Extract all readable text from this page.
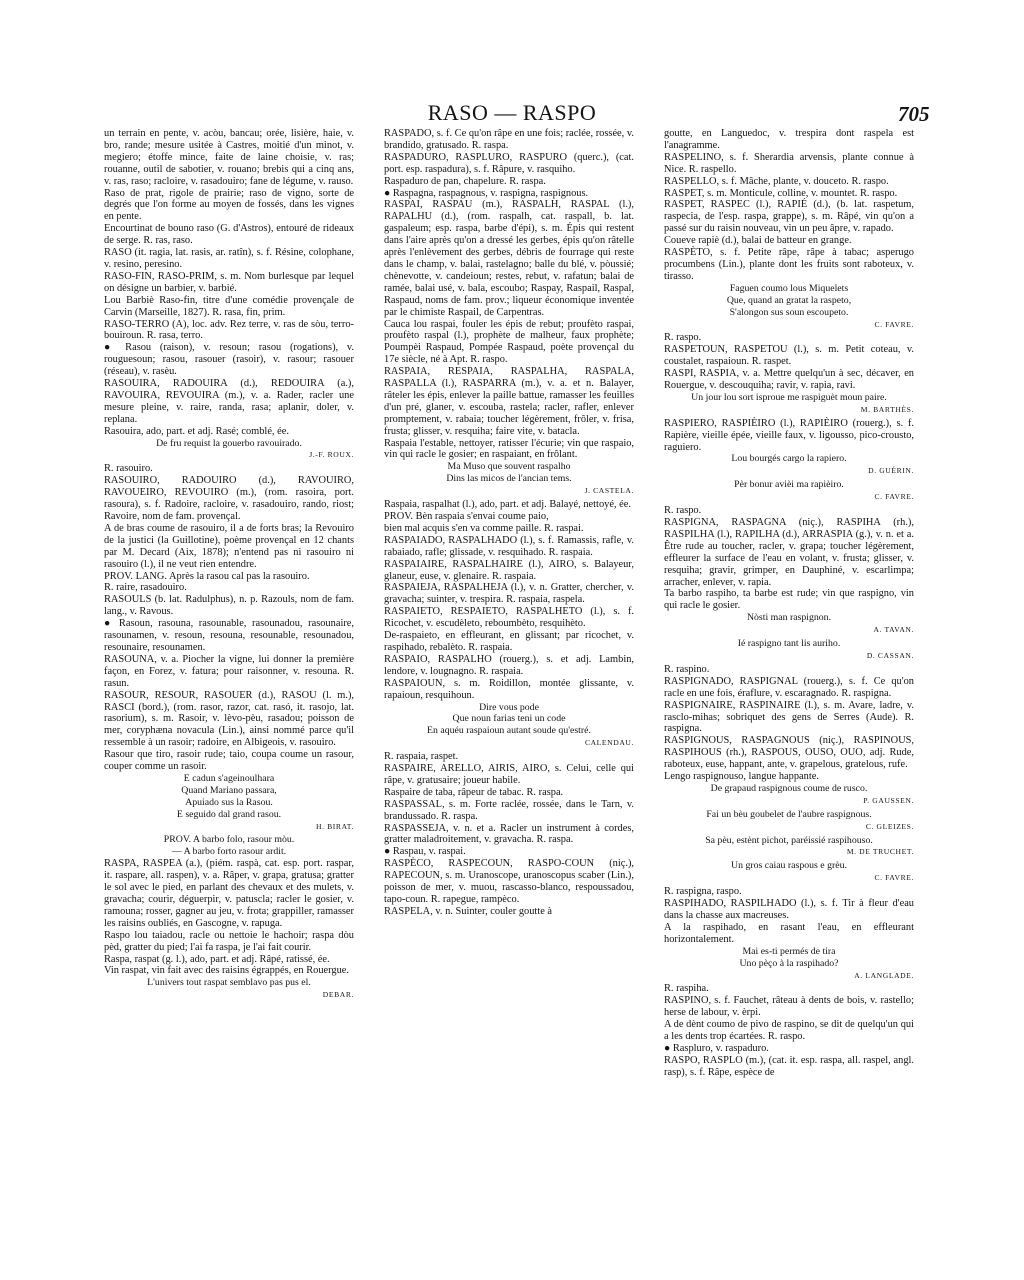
RASO — RASPO	705
un terrain en pente, v. acòu, bancau; orée, lisière, haie, v. bro, rande; mesure usitée à Castres, moitié d'un minot, v. megiero; étoffe mince, faite de laine choisie, v. ras; rouanne, outil de sabotier, v. rouano; brebis qui a cinq ans, v. ras, raso; racloire, v. rasadouiro; fane de légume, v. rauso.
Raso de prat, rigole de prairie; raso de vigno, sorte de degrés que l'on forme au moyen de fossés, dans les vignes en pente.
Encourtinat de bouno raso (G. d'Astros), entouré de rideaux de serge. R. ras, raso.
RASO (it. ragia, lat. rasis, ar. ratîn), s. f. Résine, colophane, v. resino, peresino.
RASO-FIN, RASO-PRIM, s. m. Nom burlesque par lequel on désigne un barbier, v. barbié.
Lou Barbiè Raso-fin, titre d'une comédie provençale de Carvin (Marseille, 1827). R. rasa, fin, prim.
RASO-TERRO (A), loc. adv. Rez terre, v. ras de sòu, terro-bouiroun. R. rasa, terro.
● Rasou (raison), v. resoun; rasou (rogations), v. rouguesoun; rasou, rasouer (rasoir), v. rasour; rasouer (réseau), v. rasèu.
RASOUIRA, RADOUIRA (d.), REDOUIRA (a.), RAVOUIRA, REVOUIRA (m.), v. a. Rader, racler une mesure pleine, v. raire, randa, rasa; aplanir, doler, v. replana.
Rasouira, ado, part. et adj. Rasé; comblé, ée.
De fru requist la gouerbo ravouirado.
J.-F. ROUX.
R. rasouiro.
RASOUIRO, RADOUIRO (d.), RAVOUIRO, RAVOUEIRO, REVOUIRO (m.), (rom. rasoira, port. rasoura), s. f. Radoire, racloire, v. rasadouiro, rando, riost; Ravoire, nom de fam. provençal.
A de bras coume de rasouiro, il a de forts bras; la Revouiro de la justici (la Guillotine), poème provençal en 12 chants par M. Decard (Aix, 1878); n'entend pas ni rasouiro ni rasouiro (l.), il ne veut rien entendre.
PROV. LANG. Après la rasou cal pas la rasouiro.
R. raire, rasadouiro.
RASOULS (b. lat. Radulphus), n. p. Razouls, nom de fam. lang., v. Ravous.
● Rasoun, rasouna, rasounable, rasounadou, rasounaire, rasounamen, v. resoun, resouna, resounable, resounadou, resounaire, resounamen.
RASOUNA, v. a. Piocher la vigne, lui donner la première façon, en Forez, v. fatura; pour raisonner, v. resouna. R. rasun.
RASOUR, RESOUR, RASOUER (d.), RASOU (l. m.), RASCI (bord.), (rom. rasor, razor, cat. rasó, it. rasojo, lat. rasorium), s. m. Rasoir, v. lèvo-pèu, rasadou; poisson de mer, coryphæna novacula (Lin.), ainsi nommé parce qu'il ressemble à un rasoir; radoire, en Albigeois, v. rasouiro.
Rasour que tiro, rasoir rude; taio, coupa coume un rasour, couper comme un rasoir.
E cadun s'ageinoulhara
Quand Mariano passara,
Apuiado sus la Rasou.
E seguido dal grand rasou.
H. BIRAT.
PROV. A barbo folo, rasour mòu.
— A barbo forto rasour ardit.
RASPA, RASPEA (a.), (piém. raspà, cat. esp. port. raspar, it. raspare, all. raspen), v. a. Râper, v. grapa, gratusa; gratter le sol avec le pied, en parlant des chevaux et des mulets, v. gravacha; courir, déguerpir, v. patuscla; racler le gosier, v. ramouna; rosser, gagner au jeu, v. frota; grappiller, ramasser les raisins oubliés, en Gascogne, v. rapuga.
Raspo lou taiadou, racle ou nettoie le hachoir; raspa dòu pèd, gratter du pied; l'ai fa raspa, je l'ai fait courir.
Raspa, raspat (g. l.), ado, part. et adj. Râpé, ratissé, ée.
Vin raspat, vin fait avec des raisins égrappés, en Rouergue.
L'univers tout raspat semblavo pas pus el.
DEBAR.
RASPADO, s. f. Ce qu'on râpe en une fois; raclée, rossée, v. brandido, gratusado. R. raspa.
RASPADURO, RASPLURO, RASPURO (querc.), (cat. port. esp. raspadura), s. f. Râpure, v. rasquiho.
Raspaduro de pan, chapelure. R. raspa.
● Raspagna, raspagnous, v. raspigna, raspignous.
RASPAI, RASPAU (m.), RASPALH, RASPAL (l.), RAPALHU (d.), (rom. raspalh, cat. raspall, b. lat. gaspaleum; esp. raspa, barbe d'épi), s. m. Épis qui restent dans l'aire après qu'on a dressé les gerbes, épis qu'on râtelle après l'enlèvement des gerbes, débris de fourrage qui reste dans le champ, v. balai, rastelagno; balle du blé, v. pòussié; chènevotte, v. candeioun; restes, rebut, v. rafatun; balai de ramée, balai usé, v. bala, escoubo; Raspay, Raspail, Raspal, Raspaud, noms de fam. prov.; liqueur économique inventée par le chimiste Raspail, de Carpentras.
Cauca lou raspai, fouler les épis de rebut; proufèto raspai, proufèto raspal (l.), prophète de malheur, faux prophète; Poumpèi Raspaud, Pompée Raspaud, poète provençal du 17e siècle, né à Apt. R. raspo.
RASPAIA, RESPAIA, RASPALHA, RASPALA, RASPALLA (l.), RASPARRA (m.), v. a. et n. Balayer, râteler les épis, enlever la paille battue, ramasser les feuilles d'un pré, glaner, v. escouba, rastela; racler, rafler, enlever promptement, v. rabaia; toucher légèrement, frôler, v. frisa, frusta; glisser, v. resquiha; faire vite, v. batacla.
Raspaia l'estable, nettoyer, ratisser l'écurie; vin que raspaio, vin qui racle le gosier; en raspaiant, en frôlant.
Ma Muso que souvent raspalho
Dins las micos de l'ancian tems.
J. CASTELA.
Raspaia, raspalhat (l.), ado, part. et adj. Balayé, nettoyé, ée.
PROV. Bèn raspaia s'envai coume paio,
bien mal acquis s'en va comme paille. R. raspai.
RASPAIADO, RASPALHADO (l.), s. f. Ramassis, rafle, v. rabaiado, rafle; glissade, v. resquihado. R. raspaia.
RASPAIAIRE, RASPALHAIRE (l.), AIRO, s. Balayeur, glaneur, euse, v. glenaire. R. raspaia.
RASPAIEJA, RASPALHEJA (l.), v. n. Gratter, chercher, v. gravacha; suinter, v. trespira. R. raspaia, raspela.
RASPAIETO, RESPAIETO, RASPALHETO (l.), s. f. Ricochet, v. escudèleto, reboumbèto, resquihèto.
De-raspaieto, en effleurant, en glissant; par ricochet, v. raspihado, rebalèto. R. raspaia.
RASPAIO, RASPALHO (rouerg.), s. et adj. Lambin, lendore, v. lougnagno. R. raspaia.
RASPAIOUN, s. m. Roidillon, montée glissante, v. rapaioun, resquihoun.
Dire vous pode
Que noun farias teni un code
En aquéu raspaioun autant soude qu'estré.
CALENDAU.
R. raspaia, raspet.
RASPAIRE, ARELLO, AIRIS, AIRO, s. Celui, celle qui râpe, v. gratusaire; joueur habile.
Raspaire de taba, râpeur de tabac. R. raspa.
RASPASSAL, s. m. Forte raclée, rossée, dans le Tarn, v. brandussado. R. raspa.
RASPASSEJA, v. n. et a. Racler un instrument à cordes, gratter maladroitement, v. gravacha. R. raspa.
● Raspau, v. raspai.
RASPÈCO, RASPECOUN, RASPO-COUN (niç.), RAPECOUN, s. m. Uranoscope, uranoscopus scaber (Lin.), poisson de mer, v. muou, rascasso-blanco, respoussadou, tapo-coun. R. rapegue, rampèco.
RASPELA, v. n. Suinter, couler goutte à
goutte, en Languedoc, v. trespira dont raspela est l'anagramme.
RASPELINO, s. f. Sherardia arvensis, plante connue à Nice. R. raspello.
RASPELLO, s. f. Mâche, plante, v. douceto. R. raspo.
RASPET, s. m. Monticule, colline, v. mountet. R. raspo.
RASPET, RASPEC (l.), RAPIÉ (d.), (b. lat. raspetum, raspecia, de l'esp. raspa, grappe), s. m. Râpé, vin qu'on a passé sur du raisin nouveau, vin un peu âpre, v. rapado.
Coueve rapiè (d.), balai de batteur en grange.
RASPÈTO, s. f. Petite râpe, râpe à tabac; asperugo procumbens (Lin.), plante dont les fruits sont raboteux, v. tirasso.
Faguen coumo lous Miquelets
Que, quand an gratat la raspeto,
S'alongon sus soun escoupeto.
C. FAVRE.
R. raspo.
RASPETOUN, RASPETOU (l.), s. m. Petit coteau, v. coustalet, raspaioun. R. raspet.
RASPI, RASPIA, v. a. Mettre quelqu'un à sec, décaver, en Rouergue, v. descouquiha; ravir, v. rapia, ravi.
Un jour lou sort isproue me raspiguèt moun paire.
M. BARTHÈS.
RASPIERO, RASPIÈIRO (l.), RAPIÈIRO (rouerg.), s. f. Rapière, vieille épée, vieille faux, v. ligousso, pico-crousto, raguiero.
Lou bourgés cargo la rapiero.
D. GUÉRIN.
Pèr bonur avièi ma rapièiro.
C. FAVRE.
R. raspo.
RASPIGNA, RASPAGNA (niç.), RASPIHA (rh.), RASPILHA (l.), RAPILHA (d.), ARRASPIA (g.), v. n. et a. Être rude au toucher, racler, v. grapa; toucher légèrement, effleurer la surface de l'eau en volant, v. frusta; glisser, v. resquiha; gravir, grimper, en Dauphiné, v. escarlimpa; arracher, enlever, v. rapia.
Ta barbo raspiho, ta barbe est rude; vin que raspigno, vin qui racle le gosier.
Nòsti man raspignon.
A. TAVAN.
Ié raspigno tant lis auriho.
D. CASSAN.
R. raspino.
RASPIGNADO, RASPIGNAL (rouerg.), s. f. Ce qu'on racle en une fois, éraflure, v. escaragnado. R. raspigna.
RASPIGNAIRE, RASPINAIRE (l.), s. m. Avare, ladre, v. rasclo-mihas; sobriquet des gens de Serres (Aude). R. raspigna.
RASPIGNOUS, RASPAGNOUS (niç.), RASPINOUS, RASPIHOUS (rh.), RASPOUS, OUSO, OUO, adj. Rude, raboteux, euse, happant, ante, v. grapelous, gratelous, rufe.
Lengo raspignouso, langue happante.
De grapaud raspignous coume de rusco.
P. GAUSSEN.
Fai un bèu goubelet de l'aubre raspignous.
C. GLEIZES.
Sa pèu, estènt pichot, paréissié raspihouso.
M. DE TRUCHET.
Un gros caiau raspous e grèu.
C. FAVRE.
R. raspigna, raspo.
RASPIHADO, RASPILHADO (l.), s. f. Tir à fleur d'eau dans la chasse aux macreuses.
A la raspihado, en rasant l'eau, en effleurant horizontalement.
Mai es-ti permés de tira
Uno pèço à la raspihado?
A. LANGLADE.
R. raspiha.
RASPINO, s. f. Fauchet, râteau à dents de bois, v. rastello; herse de labour, v. èrpi.
A de dènt coumo de pivo de raspino, se dit de quelqu'un qui a les dents trop écartées. R. raspo.
● Raspluro, v. raspaduro.
RASPO, RASPLO (m.), (cat. it. esp. raspa, all. raspel, angl. rasp), s. f. Râpe, espèce de
